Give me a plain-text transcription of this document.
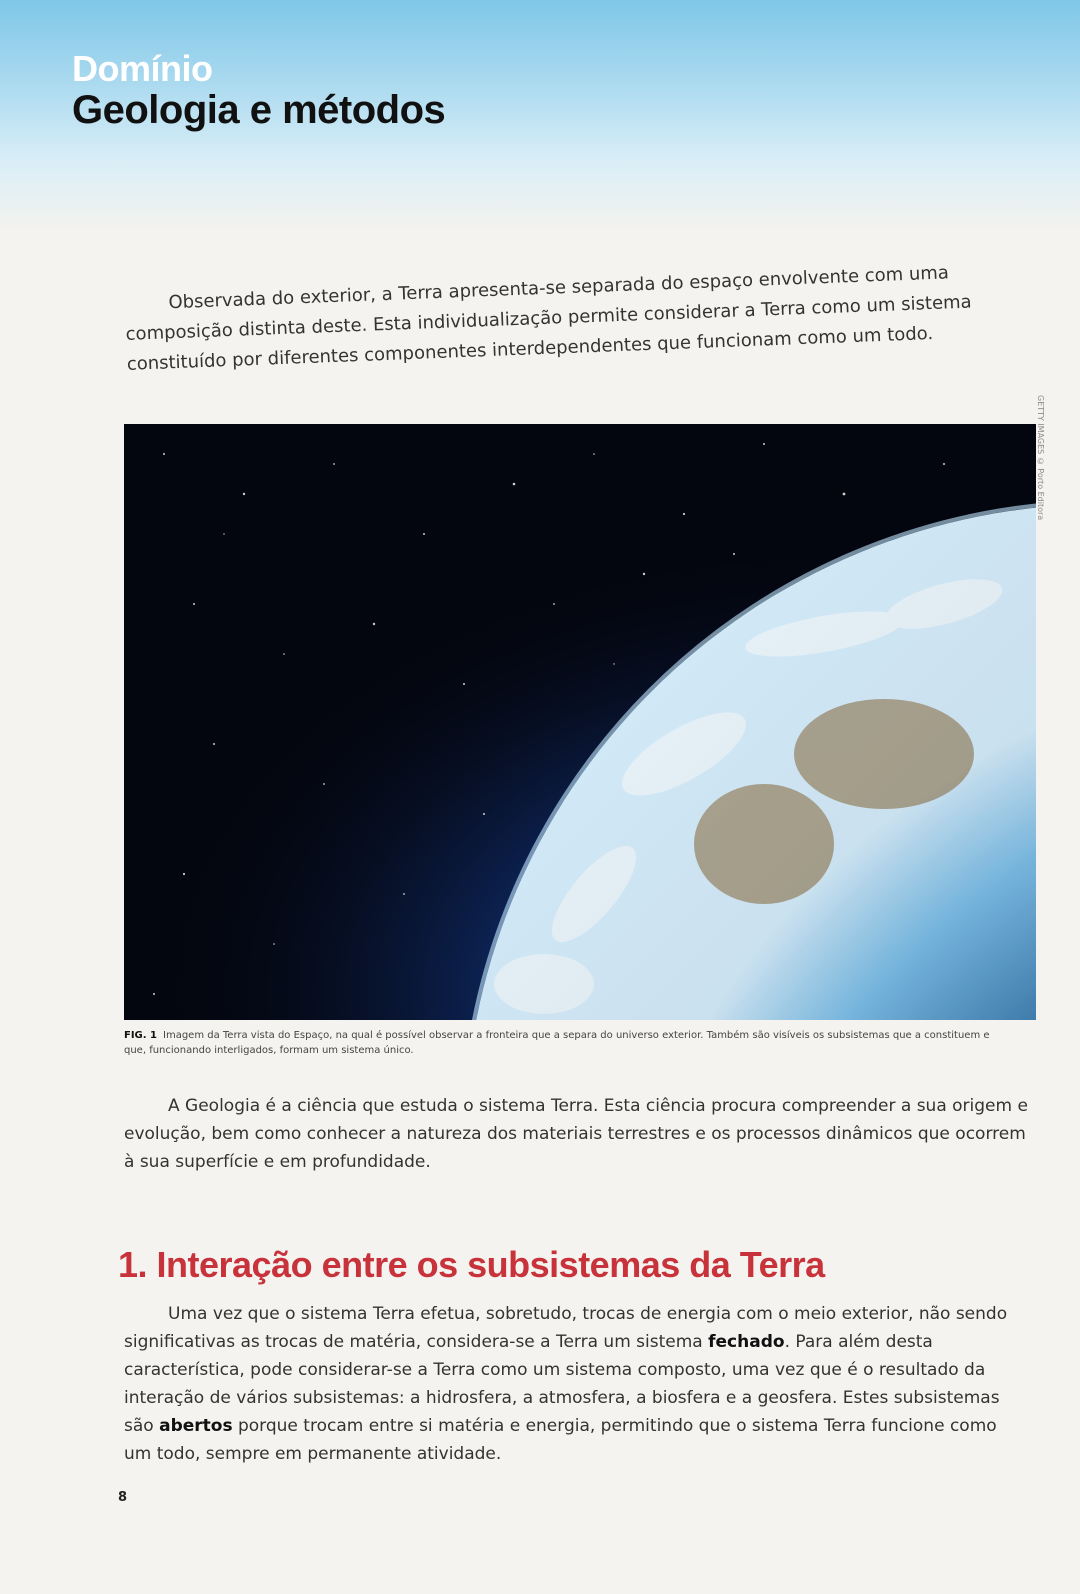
Domínio
Geologia e métodos

Observada do exterior, a Terra apresenta-se separada do espaço envolvente com uma composição distinta deste. Esta individualização permite considerar a Terra como um sistema constituído por diferentes componentes interdependentes que funcionam como um todo.

GETTY IMAGES © Porto Editora
FIG. 1 Imagem da Terra vista do Espaço, na qual é possível observar a fronteira que a separa do universo exterior. Também são visíveis os subsistemas que a constituem e que, funcionando interligados, formam um sistema único.

A Geologia é a ciência que estuda o sistema Terra. Esta ciência procura compreender a sua origem e evolução, bem como conhecer a natureza dos materiais terrestres e os processos dinâmicos que ocorrem à sua superfície e em profundidade.

1. Interação entre os subsistemas da Terra

Uma vez que o sistema Terra efetua, sobretudo, trocas de energia com o meio exterior, não sendo significativas as trocas de matéria, considera-se a Terra um sistema fechado. Para além desta característica, pode considerar-se a Terra como um sistema composto, uma vez que é o resultado da interação de vários subsistemas: a hidrosfera, a atmosfera, a biosfera e a geosfera. Estes subsistemas são abertos porque trocam entre si matéria e energia, permitindo que o sistema Terra funcione como um todo, sempre em permanente atividade.

8
